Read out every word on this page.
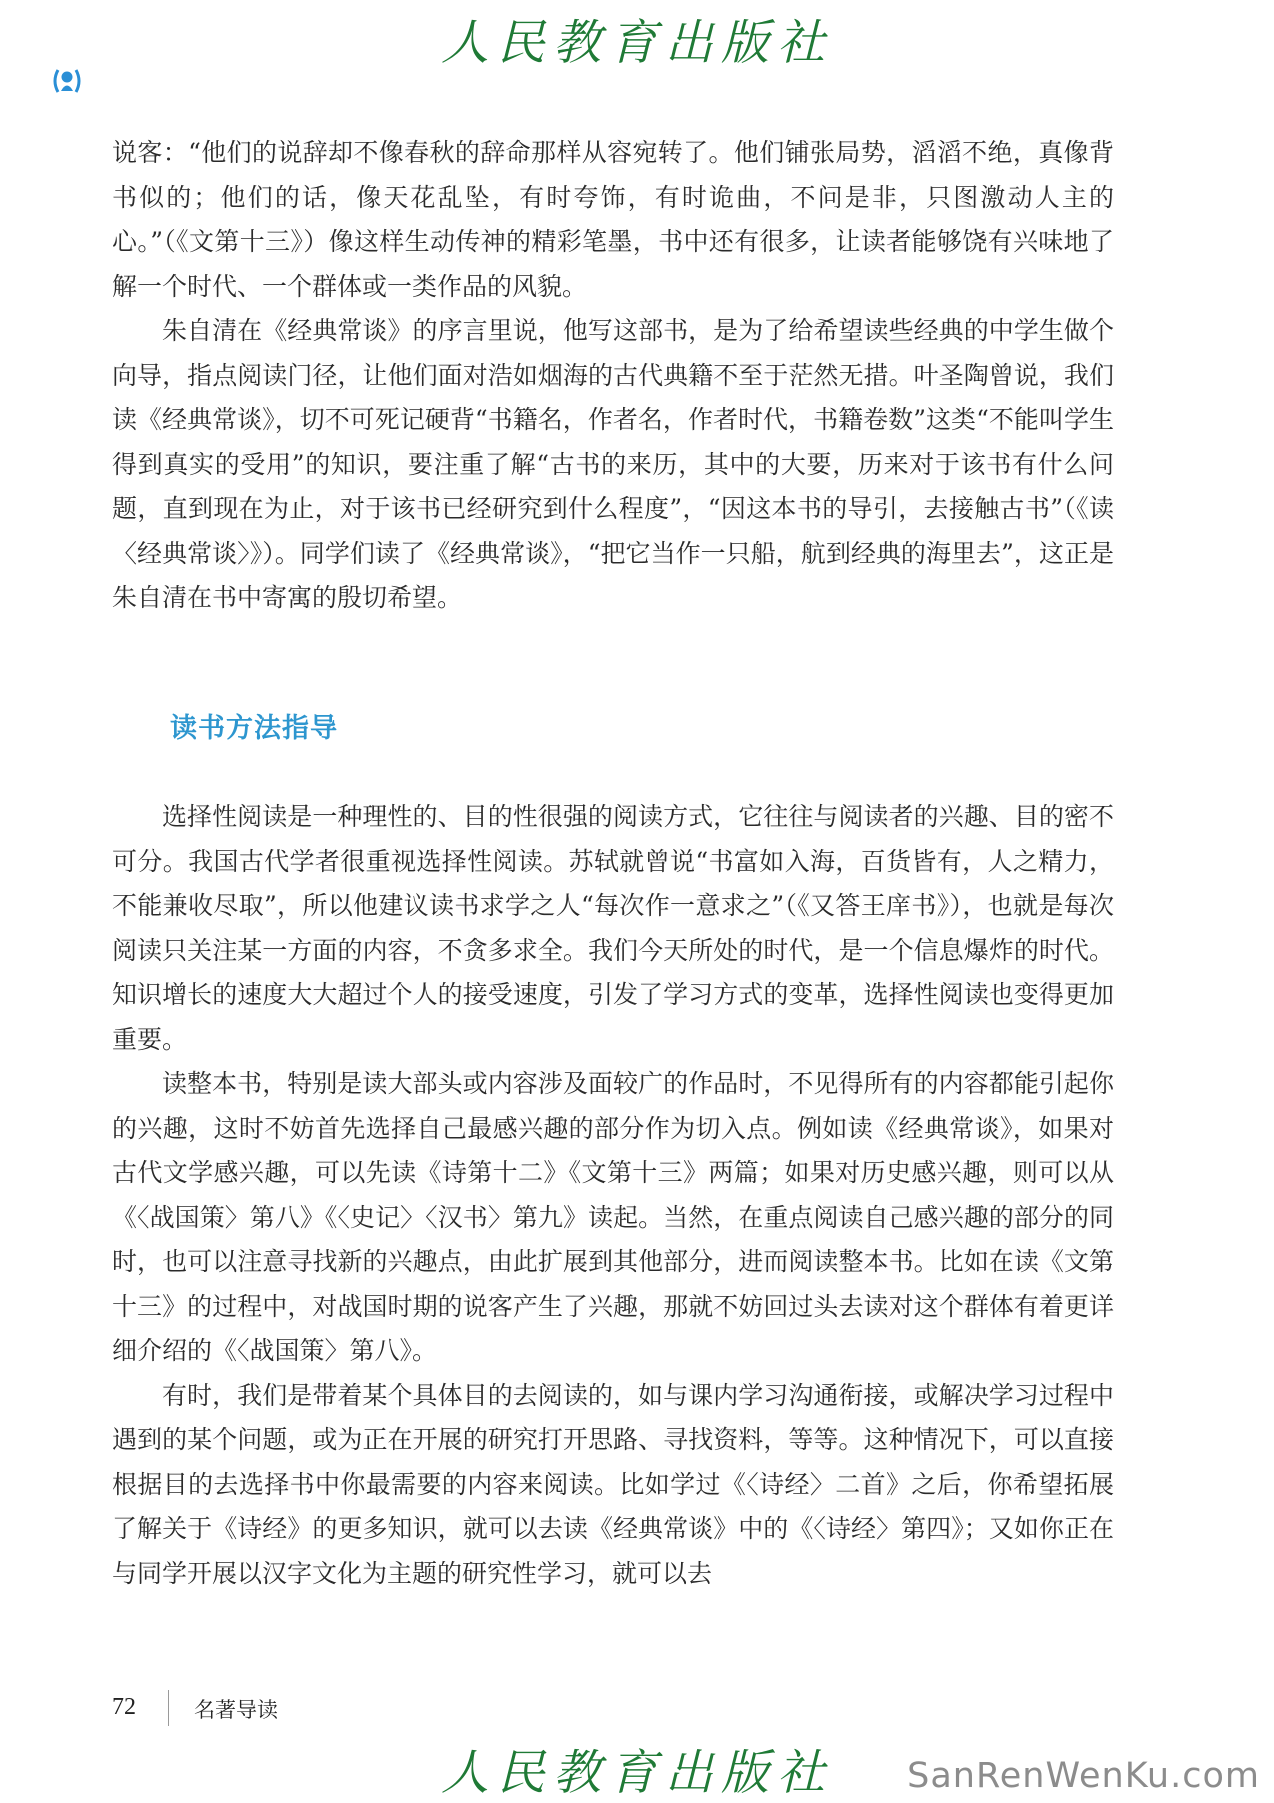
人民教育出版社

说客：“他们的说辞却不像春秋的辞命那样从容宛转了。他们铺张局势，滔滔不绝，真像背书似的；他们的话，像天花乱坠，有时夸饰，有时诡曲，不问是非，只图激动人主的心。”（《文第十三》）像这样生动传神的精彩笔墨，书中还有很多，让读者能够饶有兴味地了解一个时代、一个群体或一类作品的风貌。

朱自清在《经典常谈》的序言里说，他写这部书，是为了给希望读些经典的中学生做个向导，指点阅读门径，让他们面对浩如烟海的古代典籍不至于茫然无措。叶圣陶曾说，我们读《经典常谈》，切不可死记硬背“书籍名，作者名，作者时代，书籍卷数”这类“不能叫学生得到真实的受用”的知识，要注重了解“古书的来历，其中的大要，历来对于该书有什么问题，直到现在为止，对于该书已经研究到什么程度”，“因这本书的导引，去接触古书”（《读〈经典常谈〉》）。同学们读了《经典常谈》，“把它当作一只船，航到经典的海里去”，这正是朱自清在书中寄寓的殷切希望。

读书方法指导

选择性阅读是一种理性的、目的性很强的阅读方式，它往往与阅读者的兴趣、目的密不可分。我国古代学者很重视选择性阅读。苏轼就曾说“书富如入海，百货皆有，人之精力，不能兼收尽取”，所以他建议读书求学之人“每次作一意求之”（《又答王庠书》），也就是每次阅读只关注某一方面的内容，不贪多求全。我们今天所处的时代，是一个信息爆炸的时代。知识增长的速度大大超过个人的接受速度，引发了学习方式的变革，选择性阅读也变得更加重要。

读整本书，特别是读大部头或内容涉及面较广的作品时，不见得所有的内容都能引起你的兴趣，这时不妨首先选择自己最感兴趣的部分作为切入点。例如读《经典常谈》，如果对古代文学感兴趣，可以先读《诗第十二》《文第十三》两篇；如果对历史感兴趣，则可以从《〈战国策〉第八》《〈史记〉〈汉书〉第九》读起。当然，在重点阅读自己感兴趣的部分的同时，也可以注意寻找新的兴趣点，由此扩展到其他部分，进而阅读整本书。比如在读《文第十三》的过程中，对战国时期的说客产生了兴趣，那就不妨回过头去读对这个群体有着更详细介绍的《〈战国策〉第八》。

有时，我们是带着某个具体目的去阅读的，如与课内学习沟通衔接，或解决学习过程中遇到的某个问题，或为正在开展的研究打开思路、寻找资料，等等。这种情况下，可以直接根据目的去选择书中你最需要的内容来阅读。比如学过《〈诗经〉二首》之后，你希望拓展了解关于《诗经》的更多知识，就可以去读《经典常谈》中的《〈诗经〉第四》；又如你正在与同学开展以汉字文化为主题的研究性学习，就可以去

72	名著导读
人民教育出版社	SanRenWenKu.com
